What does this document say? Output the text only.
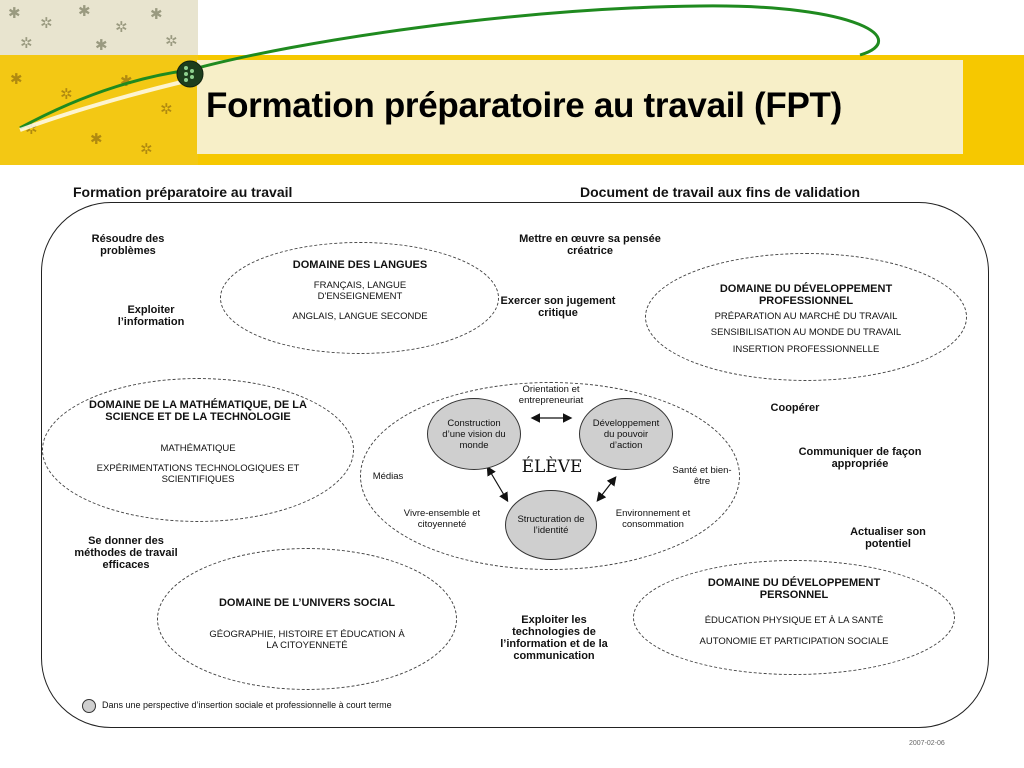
✱
✲
✱
✲
✱
✲	✱	✲
✱
✲
✱
✲
✲
✱
✲
Formation préparatoire au travail (FPT)
Formation préparatoire au travail	Document de travail aux fins de validation
DOMAINE DES LANGUES
FRANÇAIS, LANGUE D'ENSEIGNEMENT
ANGLAIS, LANGUE SECONDE
DOMAINE DU DÉVELOPPEMENT PROFESSIONNEL
PRÉPARATION AU MARCHÉ DU TRAVAIL
SENSIBILISATION AU MONDE DU TRAVAIL
INSERTION PROFESSIONNELLE
DOMAINE DE LA MATHÉMATIQUE, DE LA SCIENCE ET DE LA TECHNOLOGIE
MATHÉMATIQUE
EXPÉRIMENTATIONS TECHNOLOGIQUES ET SCIENTIFIQUES
DOMAINE DE L’UNIVERS SOCIAL
GÉOGRAPHIE, HISTOIRE ET ÉDUCATION À LA CITOYENNETÉ
DOMAINE DU DÉVELOPPEMENT PERSONNEL
ÉDUCATION PHYSIQUE ET À LA SANTÉ
AUTONOMIE ET PARTICIPATION SOCIALE
Construction d’une vision du monde
Développement du pouvoir d’action
Structuration de l’identité
ÉLÈVE
Orientation et entrepreneuriat
Médias
Santé et bien-être
Vivre-ensemble et citoyenneté
Environnement et consommation
Résoudre des problèmes
Exploiter l’information
Mettre en œuvre sa pensée créatrice
Exercer son jugement critique
Coopérer
Communiquer de façon appropriée
Actualiser son potentiel
Se donner des méthodes de travail efficaces
Exploiter les technologies de l’information et de la communication
Dans une perspective d’insertion sociale et professionnelle à court terme
2007-02-06
